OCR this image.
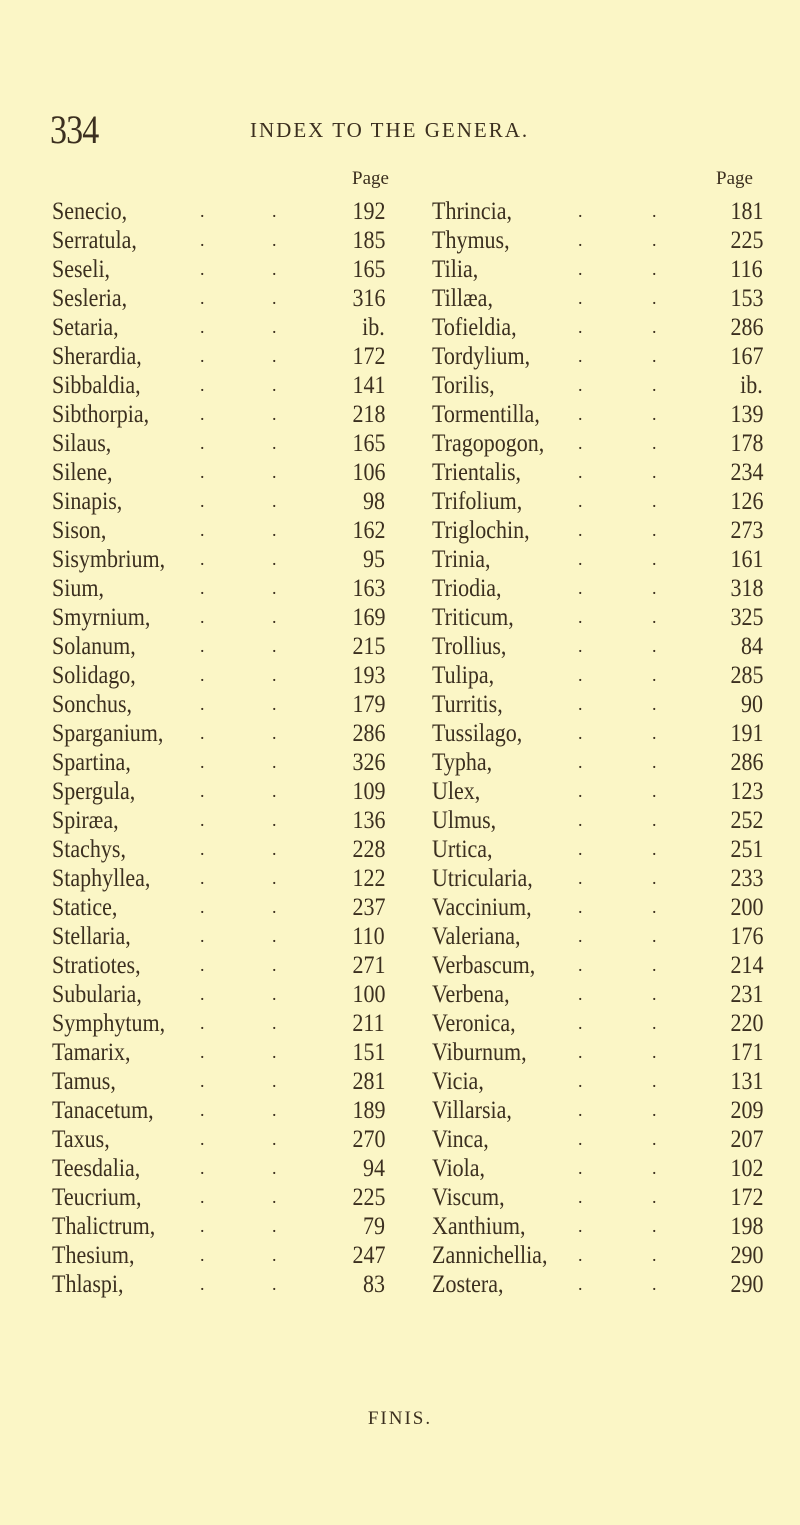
334	INDEX TO THE GENERA.
Page	Page
Senecio,	.	.	192 Thrincia,	.	.	181
Serratula,	.	.	185 Thymus,	.	.	225
Seseli,	.	.	165 Tilia,	.	.	116
Sesleria,	.	.	316 Tillæa,	.	.	153
Setaria,	.	.	ib. Tofieldia,	.	.	286
Sherardia,	.	.	172 Tordylium,	.	.	167
Sibbaldia,	.	.	141 Torilis,	.	.	ib.
Sibthorpia,	.	.	218 Tormentilla, .	.	139
Silaus,	.	.	165 Tragopogon, .	.	178
Silene,	.	.	106 Trientalis,	.	.	234
Sinapis,	.	.	98 Trifolium,	.	.	126
Sison,	.	.	162 Triglochin,	.	.	273
Sisymbrium, .	.	95 Trinia,	.	.	161
Sium,	.	.	163 Triodia,	.	.	318
Smyrnium,	.	.	169 Triticum,	.	.	325
Solanum,	.	.	215 Trollius,	.	.	84
Solidago,	.	.	193 Tulipa,	.	.	285
Sonchus,	.	.	179 Turritis,	.	.	90
Sparganium, .	.	286 Tussilago,	.	.	191
Spartina,	.	.	326 Typha,	.	.	286
Spergula,	.	.	109 Ulex,	.	.	123
Spiræa,	.	.	136 Ulmus,	.	.	252
Stachys,	.	.	228 Urtica,	.	.	251
Staphyllea,	.	.	122 Utricularia,	.	.	233
Statice,	.	.	237 Vaccinium,	.	.	200
Stellaria,	.	.	110 Valeriana,	.	.	176
Stratiotes,	.	.	271 Verbascum, .	.	214
Subularia,	.	.	100 Verbena,	.	.	231
Symphytum, .	.	211 Veronica,	.	.	220
Tamarix,	.	.	151 Viburnum,	.	.	171
Tamus,	.	.	281 Vicia,	.	.	131
Tanacetum,	.	.	189 Villarsia,	.	.	209
Taxus,	.	.	270 Vinca,	.	.	207
Teesdalia,	.	.	94 Viola,	.	.	102
Teucrium,	.	.	225 Viscum,	.	.	172
Thalictrum, .	.	79 Xanthium,	.	.	198
Thesium,	.	.	247 Zannichellia, .	.	290
Thlaspi,	.	.	83 Zostera,	.	.	290
FINIS.
